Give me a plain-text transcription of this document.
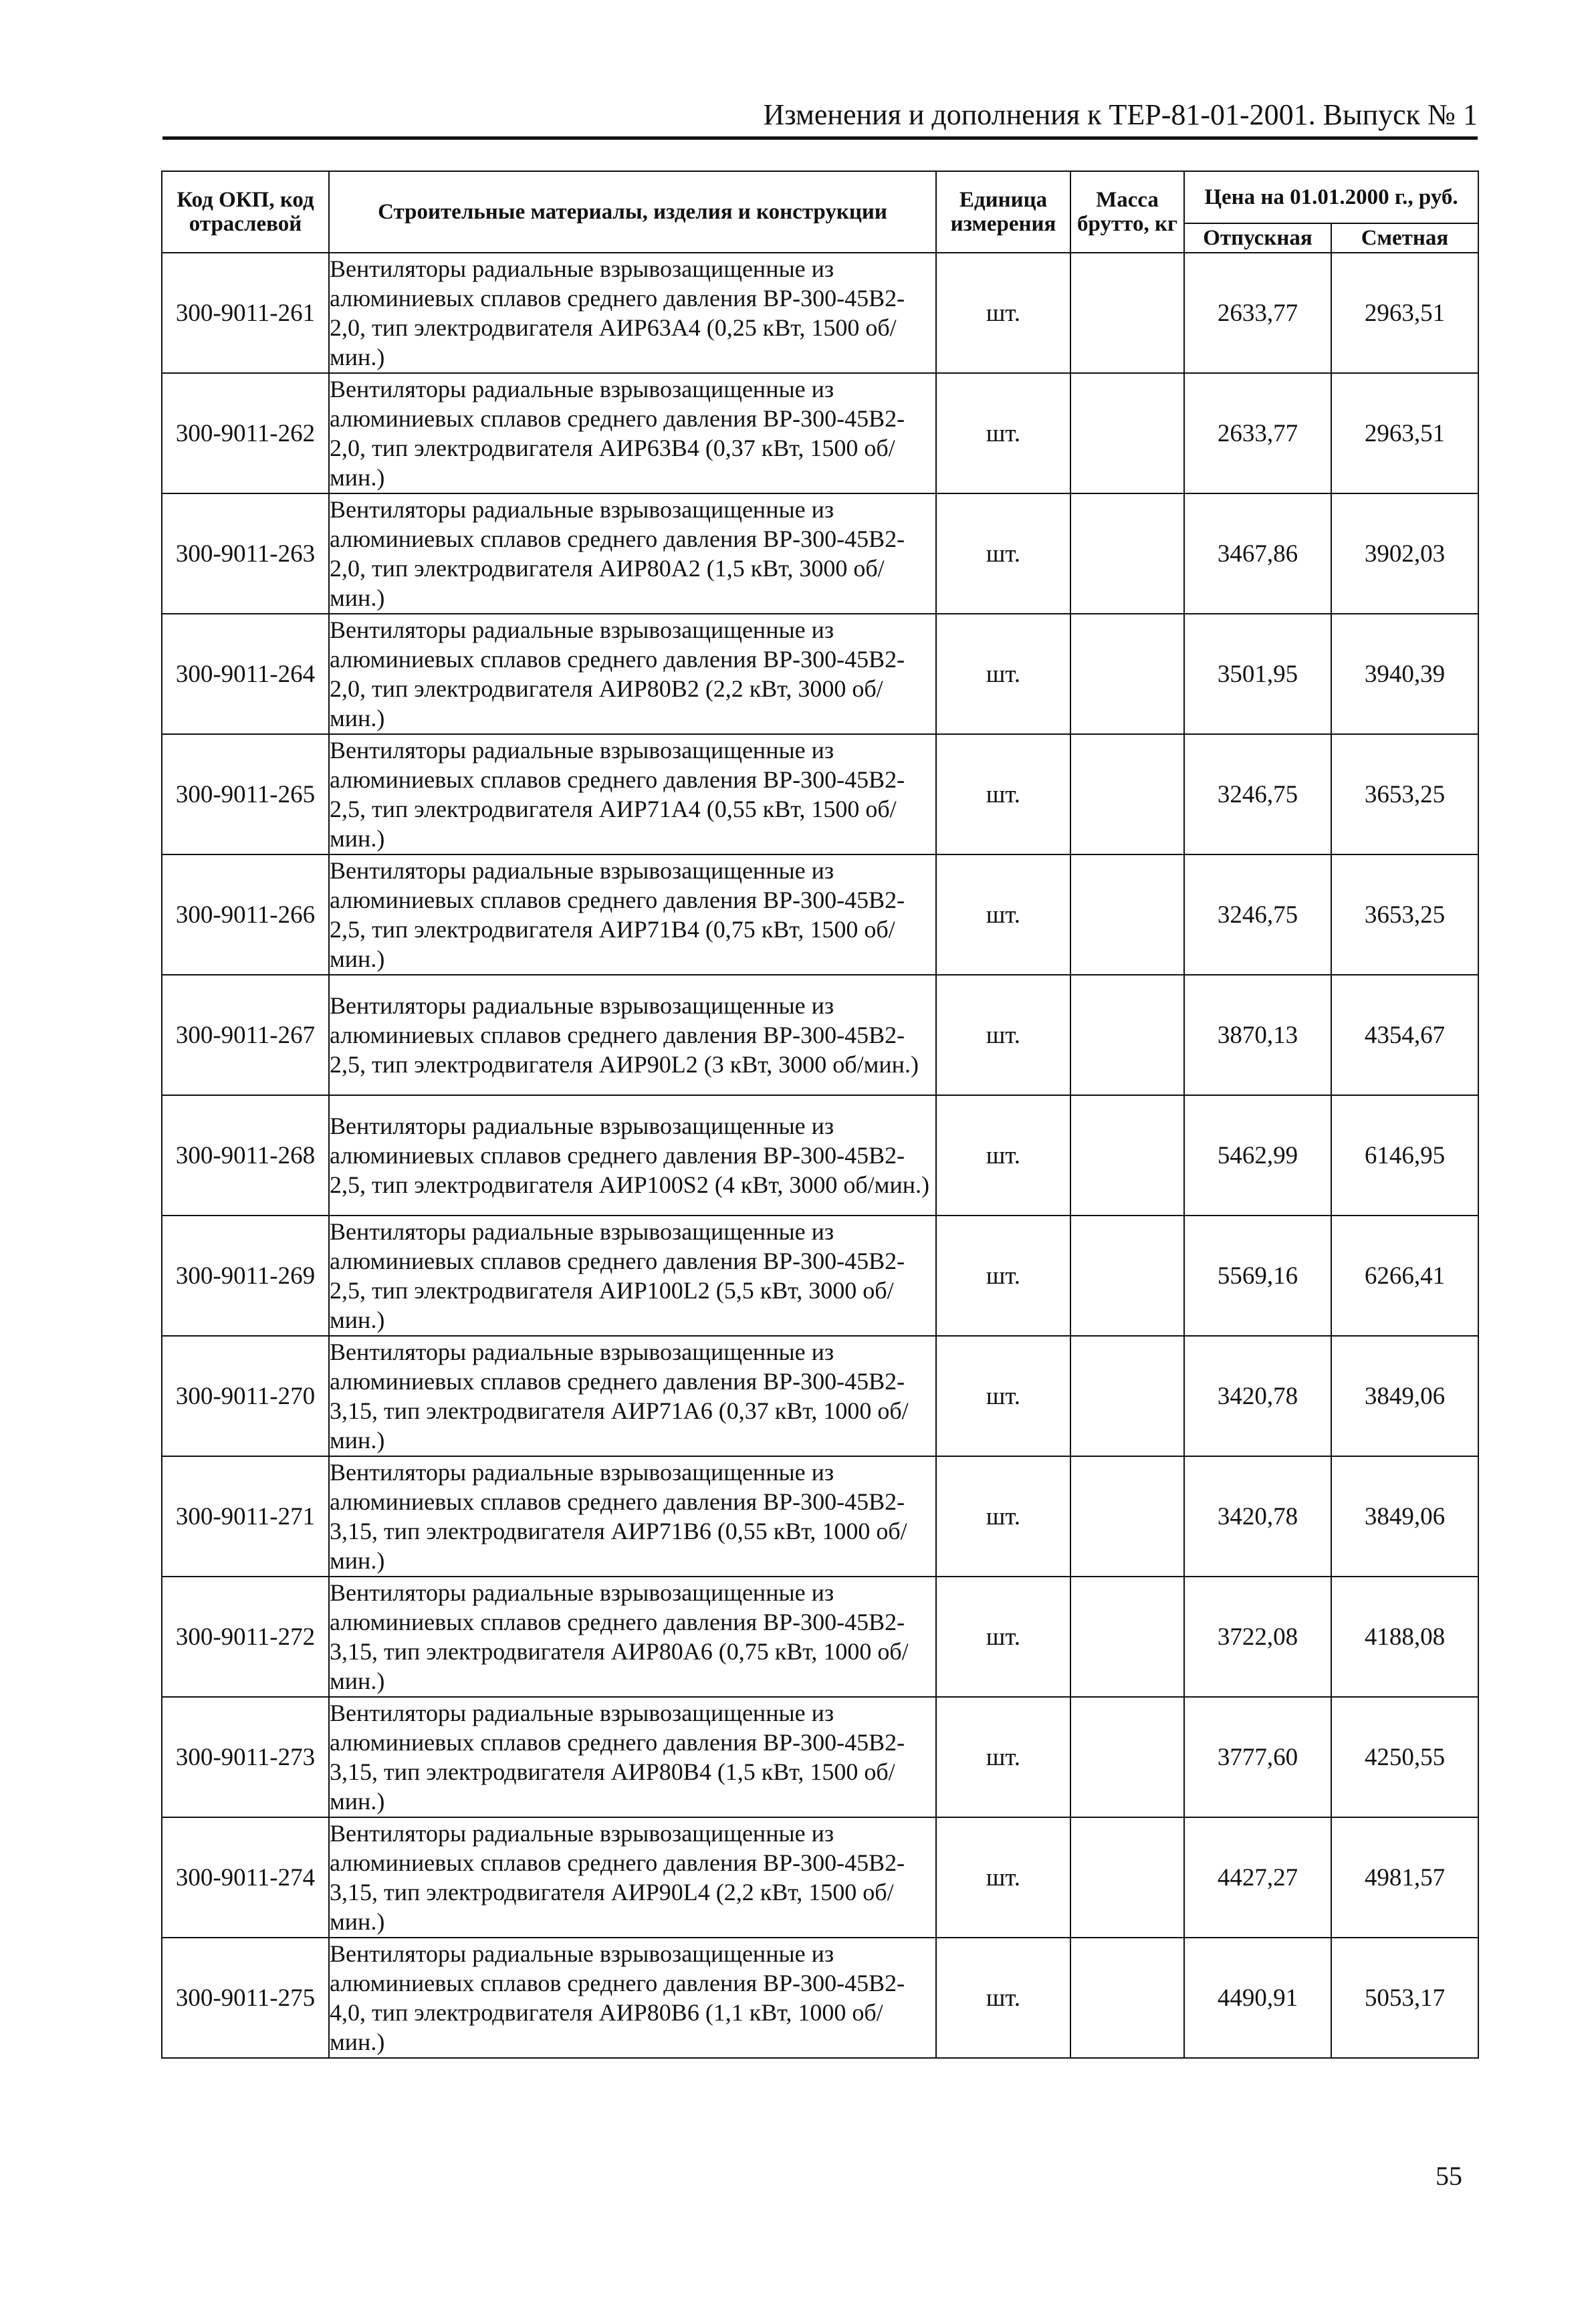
Изменения и дополнения к ТЕР-81-01-2001. Выпуск № 1
Код ОКП, код отраслевой	Строительные материалы, изделия и конструкции	Единица измерения	Масса брутто, кг	Цена на 01.01.2000 г., руб.	
				Отпускная	Сметная
300-9011-261	Вентиляторы радиальные взрывозащищенные из алюминиевых сплавов среднего давления ВР-300-45В2-2,0, тип электродвигателя АИР63А4 (0,25 кВт, 1500 об/мин.)	шт.		2633,77	2963,51
300-9011-262	Вентиляторы радиальные взрывозащищенные из алюминиевых сплавов среднего давления ВР-300-45В2-2,0, тип электродвигателя АИР63В4 (0,37 кВт, 1500 об/мин.)	шт.		2633,77	2963,51
300-9011-263	Вентиляторы радиальные взрывозащищенные из алюминиевых сплавов среднего давления ВР-300-45В2-2,0, тип электродвигателя АИР80А2 (1,5 кВт, 3000 об/мин.)	шт.		3467,86	3902,03
300-9011-264	Вентиляторы радиальные взрывозащищенные из алюминиевых сплавов среднего давления ВР-300-45В2-2,0, тип электродвигателя АИР80В2 (2,2 кВт, 3000 об/мин.)	шт.		3501,95	3940,39
300-9011-265	Вентиляторы радиальные взрывозащищенные из алюминиевых сплавов среднего давления ВР-300-45В2-2,5, тип электродвигателя АИР71А4 (0,55 кВт, 1500 об/мин.)	шт.		3246,75	3653,25
300-9011-266	Вентиляторы радиальные взрывозащищенные из алюминиевых сплавов среднего давления ВР-300-45В2-2,5, тип электродвигателя АИР71В4 (0,75 кВт, 1500 об/мин.)	шт.		3246,75	3653,25
300-9011-267	Вентиляторы радиальные взрывозащищенные из алюминиевых сплавов среднего давления ВР-300-45В2-2,5, тип электродвигателя АИР90L2 (3 кВт, 3000 об/мин.)	шт.		3870,13	4354,67
300-9011-268	Вентиляторы радиальные взрывозащищенные из алюминиевых сплавов среднего давления ВР-300-45В2-2,5, тип электродвигателя АИР100S2 (4 кВт, 3000 об/мин.)	шт.		5462,99	6146,95
300-9011-269	Вентиляторы радиальные взрывозащищенные из алюминиевых сплавов среднего давления ВР-300-45В2-2,5, тип электродвигателя АИР100L2 (5,5 кВт, 3000 об/мин.)	шт.		5569,16	6266,41
300-9011-270	Вентиляторы радиальные взрывозащищенные из алюминиевых сплавов среднего давления ВР-300-45В2-3,15, тип электродвигателя АИР71А6 (0,37 кВт, 1000 об/мин.)	шт.		3420,78	3849,06
300-9011-271	Вентиляторы радиальные взрывозащищенные из алюминиевых сплавов среднего давления ВР-300-45В2-3,15, тип электродвигателя АИР71В6 (0,55 кВт, 1000 об/мин.)	шт.		3420,78	3849,06
300-9011-272	Вентиляторы радиальные взрывозащищенные из алюминиевых сплавов среднего давления ВР-300-45В2-3,15, тип электродвигателя АИР80А6 (0,75 кВт, 1000 об/мин.)	шт.		3722,08	4188,08
300-9011-273	Вентиляторы радиальные взрывозащищенные из алюминиевых сплавов среднего давления ВР-300-45В2-3,15, тип электродвигателя АИР80В4 (1,5 кВт, 1500 об/мин.)	шт.		3777,60	4250,55
300-9011-274	Вентиляторы радиальные взрывозащищенные из алюминиевых сплавов среднего давления ВР-300-45В2-3,15, тип электродвигателя АИР90L4 (2,2 кВт, 1500 об/мин.)	шт.		4427,27	4981,57
300-9011-275	Вентиляторы радиальные взрывозащищенные из алюминиевых сплавов среднего давления ВР-300-45В2-4,0, тип электродвигателя АИР80В6 (1,1 кВт, 1000 об/мин.)	шт.		4490,91	5053,17
55
